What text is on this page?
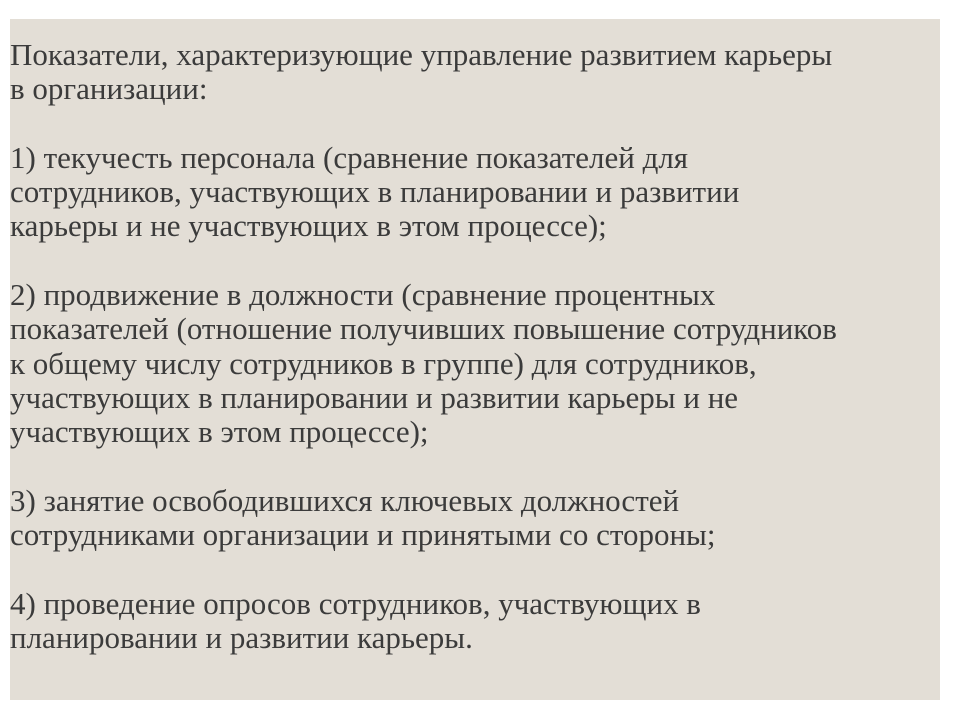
Показатели, характеризующие управление развитием карьеры
в организации:

1) текучесть персонала (сравнение показателей для
сотрудников, участвующих в планировании и развитии
карьеры и не участвующих в этом процессе);

2) продвижение в должности (сравнение процентных
показателей (отношение получивших повышение сотрудников
к общему числу сотрудников в группе) для сотрудников,
участвующих в планировании и развитии карьеры и не
участвующих в этом процессе);

3) занятие освободившихся ключевых должностей
сотрудниками организации и принятыми со стороны;

4) проведение опросов сотрудников, участвующих в
планировании и развитии карьеры.
